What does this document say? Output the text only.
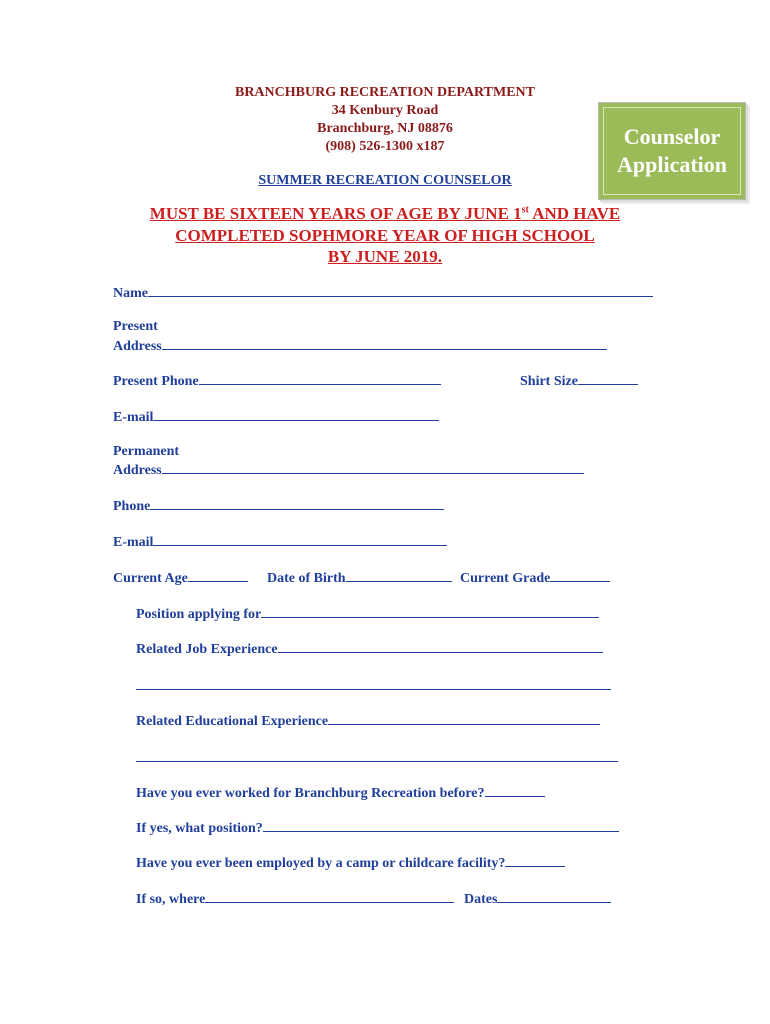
BRANCHBURG RECREATION DEPARTMENT
34 Kenbury Road
Branchburg, NJ 08876
(908) 526-1300 x187	Counselor
Application
SUMMER RECREATION COUNSELOR
MUST BE SIXTEEN YEARS OF AGE BY JUNE 1st AND HAVE
COMPLETED SOPHMORE YEAR OF HIGH SCHOOL
BY JUNE 2019.
Name
Present
Address
Present Phone	Shirt Size
E-mail
Permanent
Address
Phone
E-mail
Current Age	Date of Birth	Current Grade
Position applying for
Related Job Experience
Related Educational Experience
Have you ever worked for Branchburg Recreation before?
If yes, what position?
Have you ever been employed by a camp or childcare facility?
If so, where	Dates
